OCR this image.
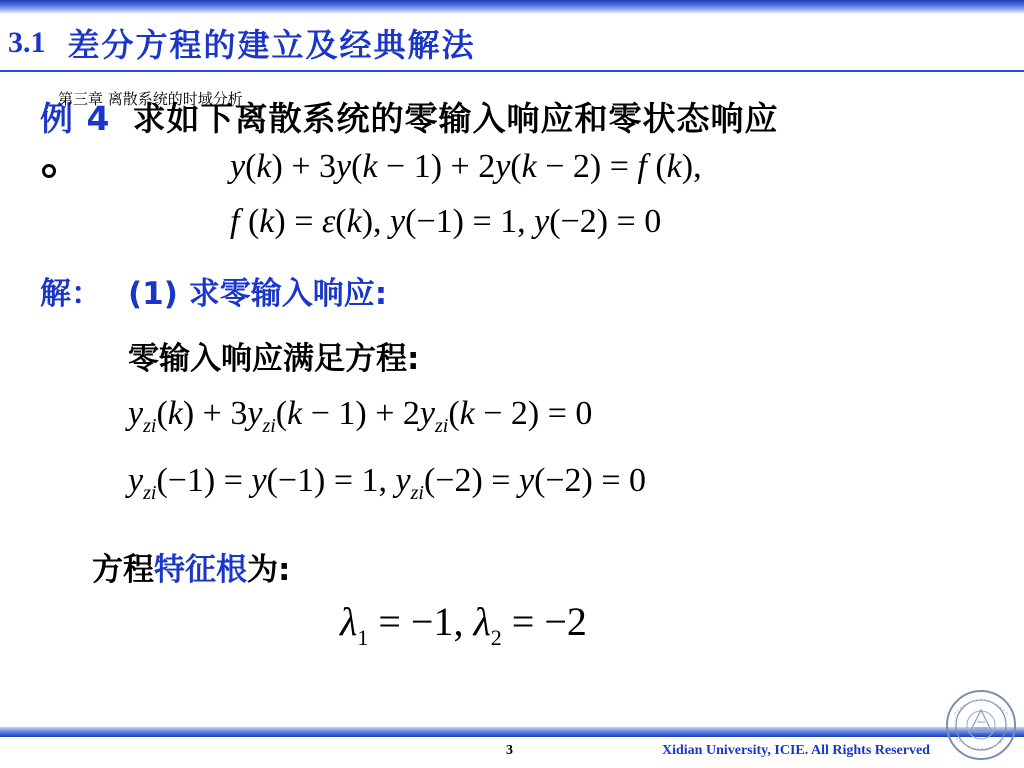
3.1 差分方程的建立及经典解法
例 4 求如下离散系统的零输入响应和零状态响应
第三章 离散系统的时域分析
y(k) + 3y(k − 1) + 2y(k − 2) = f (k),
f (k) = ε(k), y(−1) = 1, y(−2) = 0
解： (1) 求零输入响应:
零输入响应满足方程:
$y_{zi}(k) + 3y_{zi}(k - 1) + 2y_{zi}(k - 2) = 0$
$y_{zi}(-1) = y(-1) = 1$, $y_{zi}(-2) = y(-2) = 0$
方程特征根为:
$\lambda_1 = -1$, $\lambda_2 = -2$
3	Xidian University, ICIE. All Rights Reserved
